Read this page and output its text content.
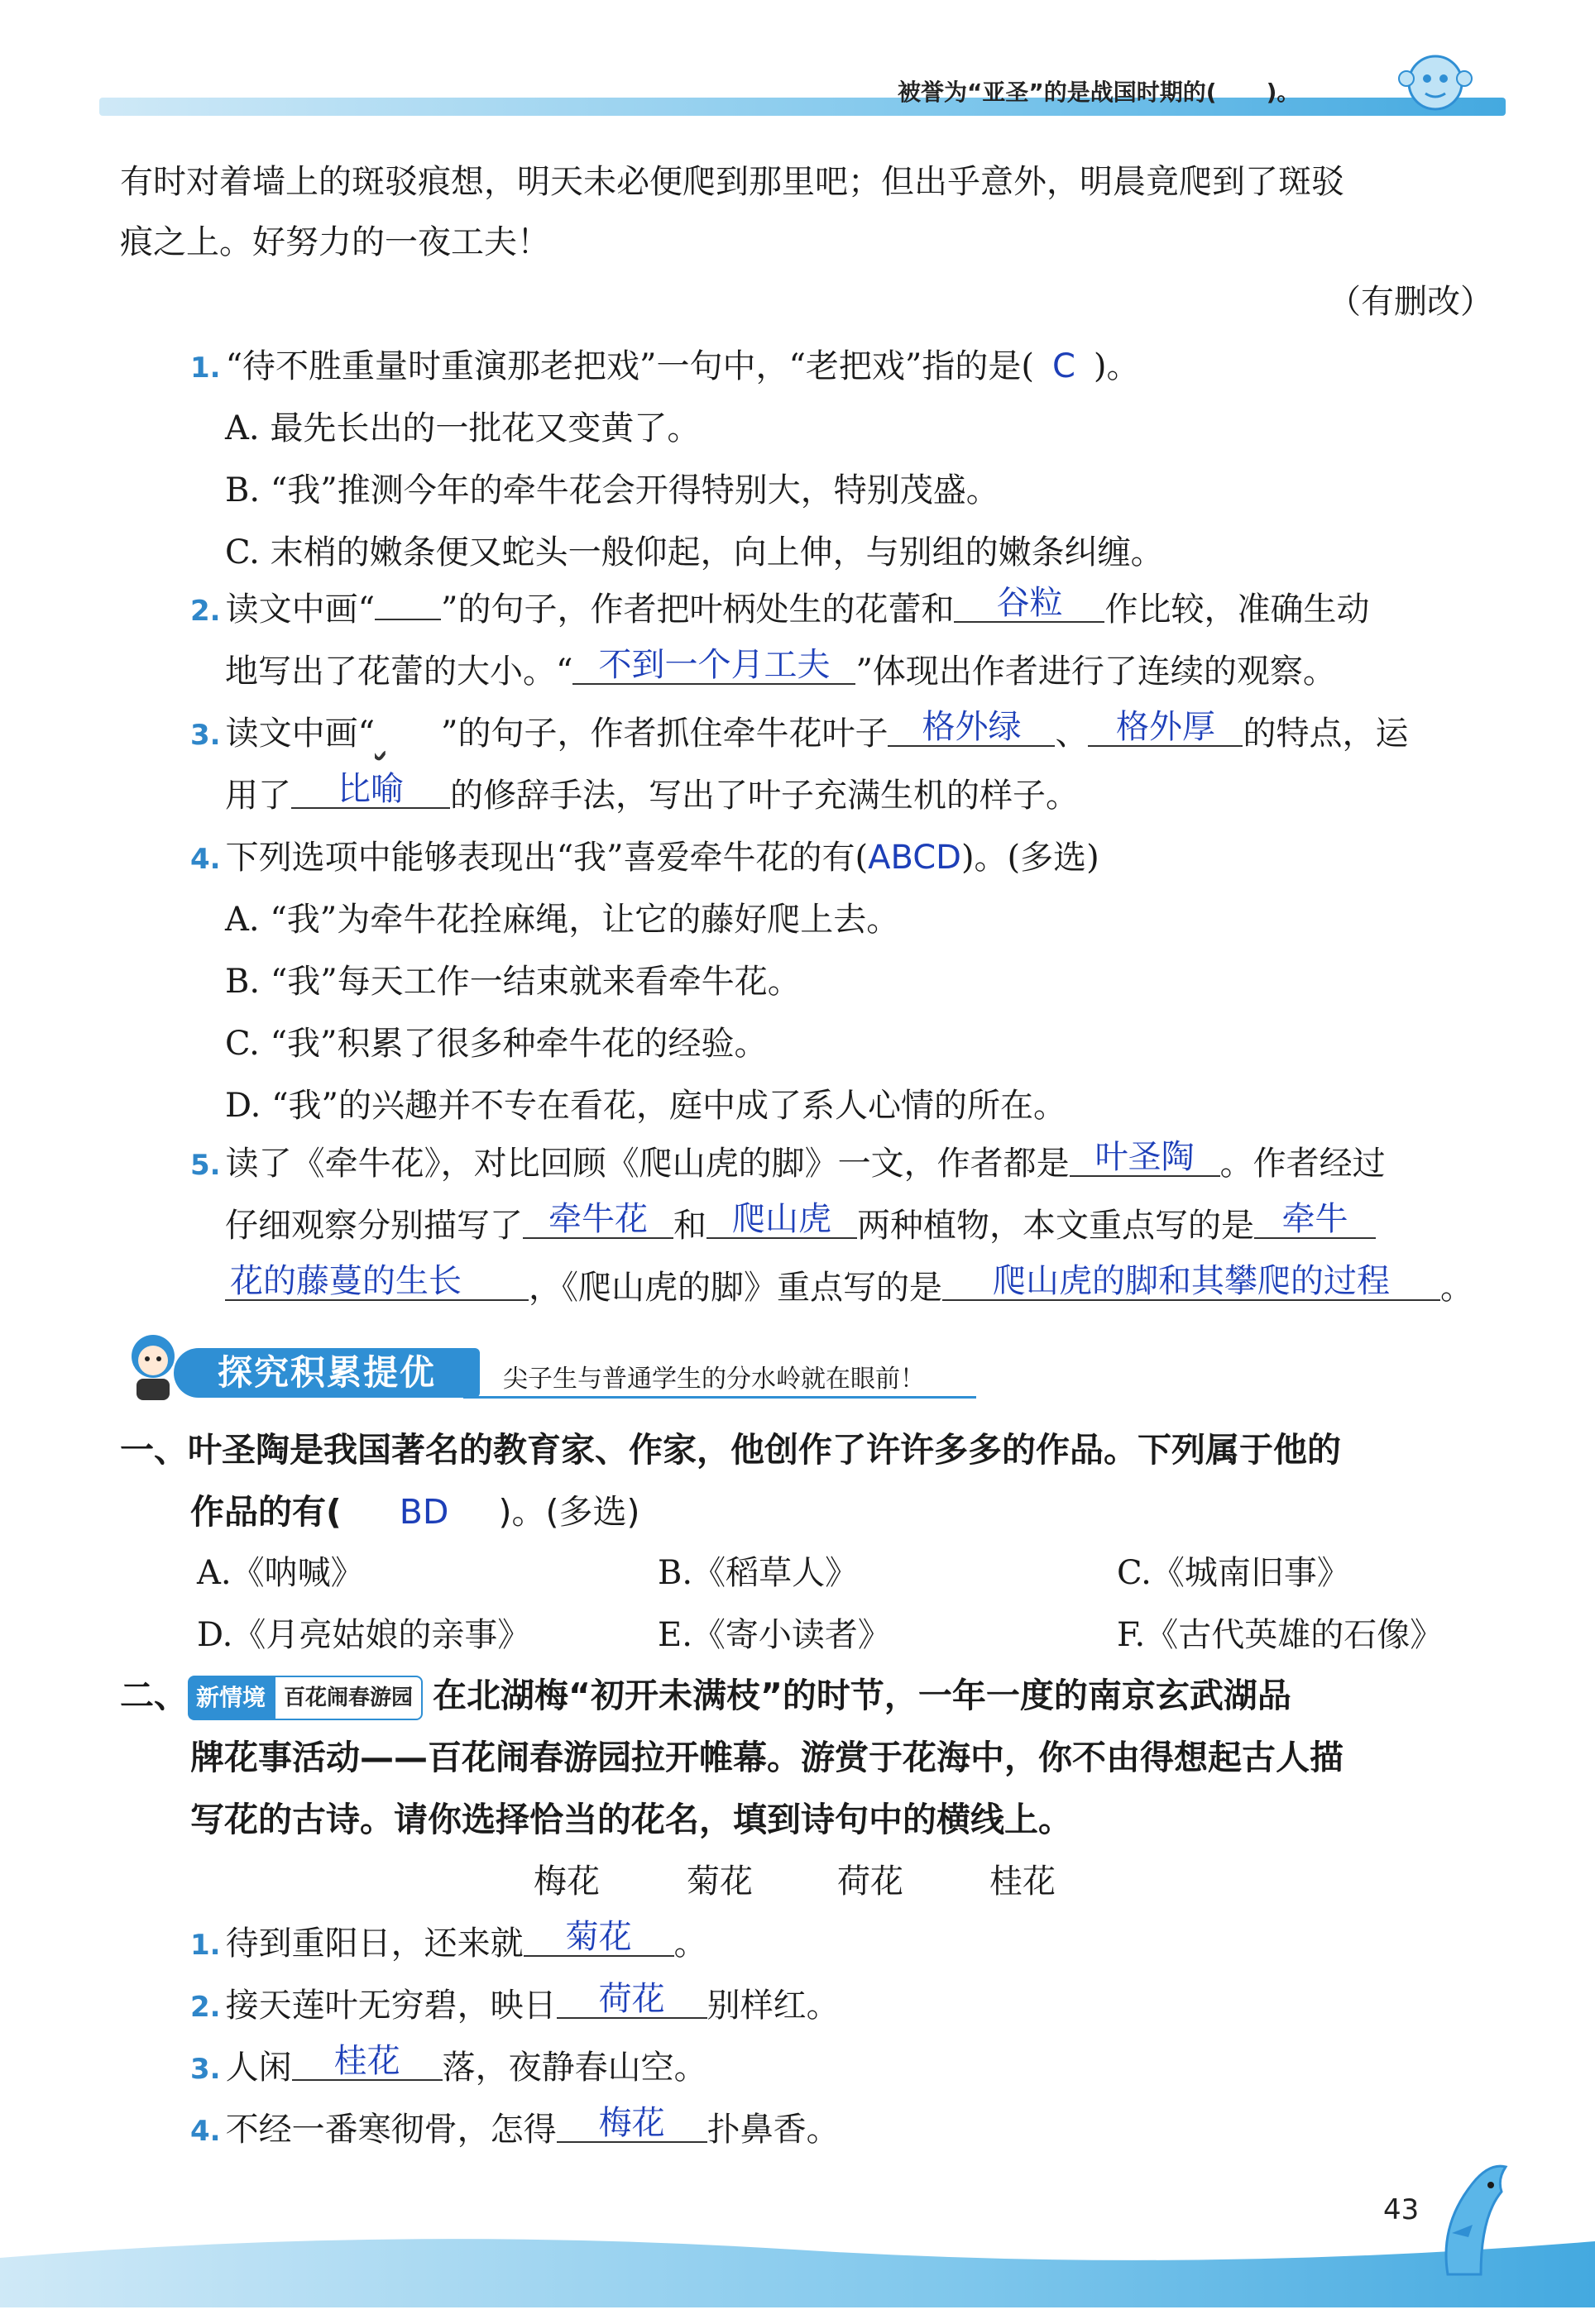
被誉为“亚圣”的是战国时期的( )。
有时对着墙上的斑驳痕想，明天未必便爬到那里吧；但出乎意外，明晨竟爬到了斑驳
痕之上。好努力的一夜工夫！
（有删改）
1. “待不胜重量时重演那老把戏”一句中，“老把戏”指的是( C )。
A. 最先长出的一批花又变黄了。
B. “我”推测今年的牵牛花会开得特别大，特别茂盛。
C. 末梢的嫩条便又蛇头一般仰起，向上伸，与别组的嫩条纠缠。
2. 读文中画“ ”的句子，作者把叶柄处生的花蕾和 谷粒 作比较，准确生动
地写出了花蕾的大小。“ 不到一个月工夫 ”体现出作者进行了连续的观察。
3. 读文中画“ ”的句子，作者抓住牵牛花叶子 格外绿 、 格外厚 的特点，运
用了 比喻 的修辞手法，写出了叶子充满生机的样子。
4. 下列选项中能够表现出“我”喜爱牵牛花的有(ABCD)。(多选)
A. “我”为牵牛花拴麻绳，让它的藤好爬上去。
B. “我”每天工作一结束就来看牵牛花。
C. “我”积累了很多种牵牛花的经验。
D. “我”的兴趣并不专在看花，庭中成了系人心情的所在。
5. 读了《牵牛花》，对比回顾《爬山虎的脚》一文，作者都是 叶圣陶 。作者经过
仔细观察分别描写了 牵牛花 和 爬山虎 两种植物，本文重点写的是 牵牛
花的藤蔓的生长 ，《爬山虎的脚》重点写的是 爬山虎的脚和其攀爬的过程 。
探究积累提优	尖子生与普通学生的分水岭就在眼前！
一、叶圣陶是我国著名的教育家、作家，他创作了许许多多的作品。下列属于他的
作品的有( BD )。(多选)
A.《呐喊》	B.《稻草人》	C.《城南旧事》
D.《月亮姑娘的亲事》	E.《寄小读者》	F.《古代英雄的石像》
二、 新情境 百花闹春游园 在北湖梅“初开未满枝”的时节，一年一度的南京玄武湖品
牌花事活动——百花闹春游园拉开帷幕。游赏于花海中，你不由得想起古人描
写花的古诗。请你选择恰当的花名，填到诗句中的横线上。
梅花	菊花	荷花	桂花
1. 待到重阳日，还来就 菊花 。
2. 接天莲叶无穷碧，映日 荷花 别样红。
3. 人闲 桂花 落，夜静春山空。
4. 不经一番寒彻骨，怎得 梅花 扑鼻香。
43
